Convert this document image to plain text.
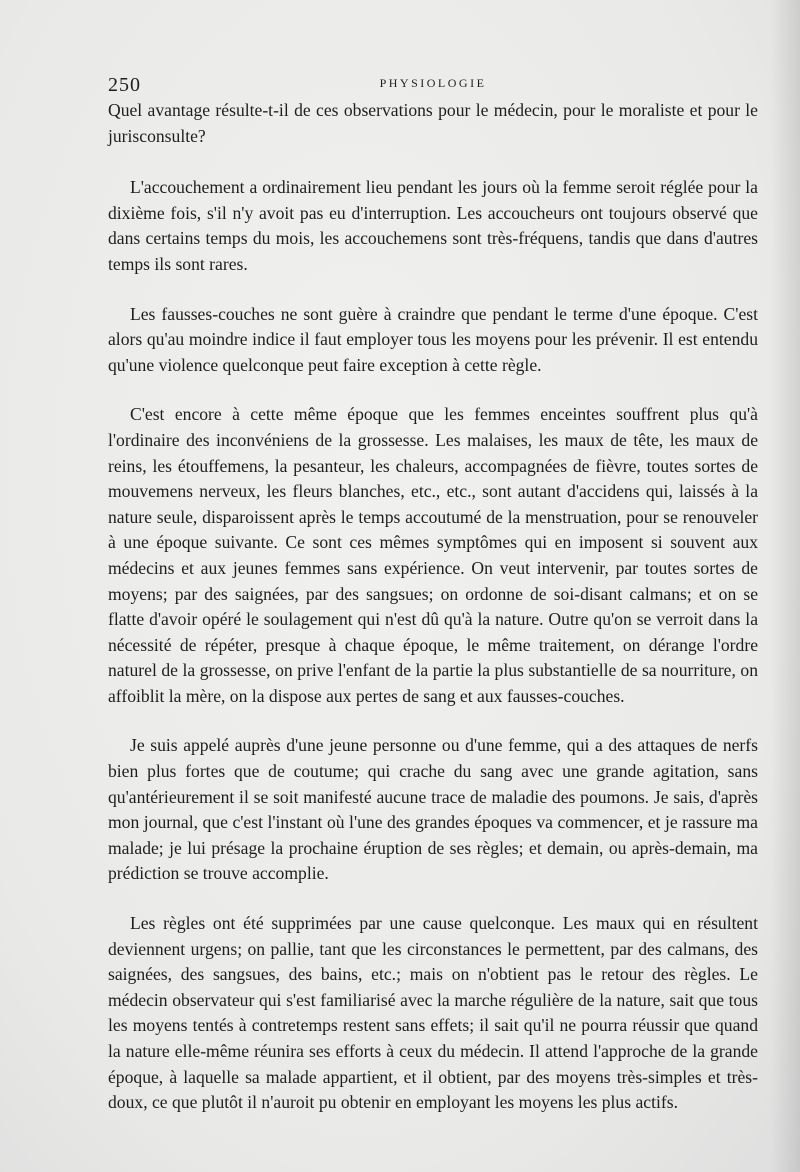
250	PHYSIOLOGIE

Quel avantage résulte-t-il de ces observations pour le médecin, pour le moraliste et pour le jurisconsulte?

L'accouchement a ordinairement lieu pendant les jours où la femme seroit réglée pour la dixième fois, s'il n'y avoit pas eu d'interruption. Les accoucheurs ont toujours observé que dans certains temps du mois, les accouchemens sont très-fréquens, tandis que dans d'autres temps ils sont rares.

Les fausses-couches ne sont guère à craindre que pendant le terme d'une époque. C'est alors qu'au moindre indice il faut employer tous les moyens pour les prévenir. Il est entendu qu'une violence quelconque peut faire exception à cette règle.

C'est encore à cette même époque que les femmes enceintes souffrent plus qu'à l'ordinaire des inconvéniens de la grossesse. Les malaises, les maux de tête, les maux de reins, les étouffemens, la pesanteur, les chaleurs, accompagnées de fièvre, toutes sortes de mouvemens nerveux, les fleurs blanches, etc., etc., sont autant d'accidens qui, laissés à la nature seule, disparoissent après le temps accoutumé de la menstruation, pour se renouveler à une époque suivante. Ce sont ces mêmes symptômes qui en imposent si souvent aux médecins et aux jeunes femmes sans expérience. On veut intervenir, par toutes sortes de moyens; par des saignées, par des sangsues; on ordonne de soi-disant calmans; et on se flatte d'avoir opéré le soulagement qui n'est dû qu'à la nature. Outre qu'on se verroit dans la nécessité de répéter, presque à chaque époque, le même traitement, on dérange l'ordre naturel de la grossesse, on prive l'enfant de la partie la plus substantielle de sa nourriture, on affoiblit la mère, on la dispose aux pertes de sang et aux fausses-couches.

Je suis appelé auprès d'une jeune personne ou d'une femme, qui a des attaques de nerfs bien plus fortes que de coutume; qui crache du sang avec une grande agitation, sans qu'antérieurement il se soit manifesté aucune trace de maladie des poumons. Je sais, d'après mon journal, que c'est l'instant où l'une des grandes époques va commencer, et je rassure ma malade; je lui présage la prochaine éruption de ses règles; et demain, ou après-demain, ma prédiction se trouve accomplie.

Les règles ont été supprimées par une cause quelconque. Les maux qui en résultent deviennent urgens; on pallie, tant que les circonstances le permettent, par des calmans, des saignées, des sangsues, des bains, etc.; mais on n'obtient pas le retour des règles. Le médecin observateur qui s'est familiarisé avec la marche régulière de la nature, sait que tous les moyens tentés à contretemps restent sans effets; il sait qu'il ne pourra réussir que quand la nature elle-même réunira ses efforts à ceux du médecin. Il attend l'approche de la grande époque, à laquelle sa malade appartient, et il obtient, par des moyens très-simples et très-doux, ce que plutôt il n'auroit pu obtenir en employant les moyens les plus actifs.
